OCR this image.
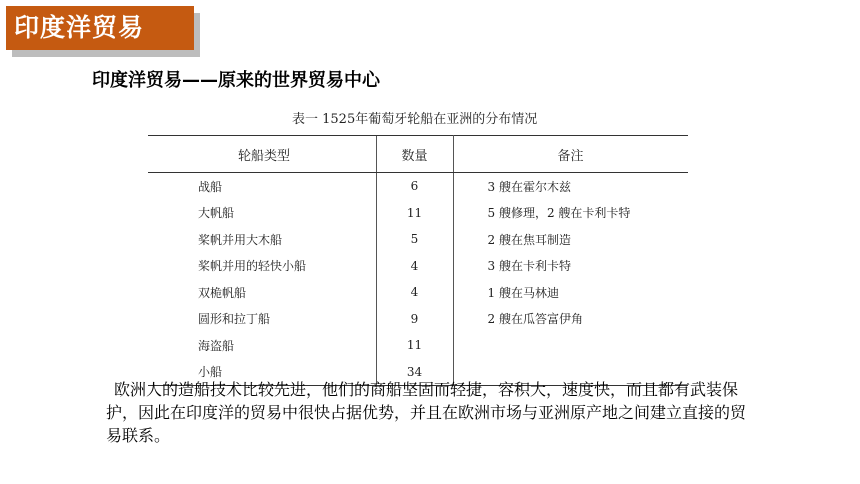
印度洋贸易
印度洋贸易——原来的世界贸易中心
表一 1525年葡萄牙轮船在亚洲的分布情况
轮船类型	数量	备注
战船	6	3 艘在霍尔木兹
大帆船	11	5 艘修理，2 艘在卡利卡特
桨帆并用大木船	5	2 艘在焦耳制造
桨帆并用的轻快小船	4	3 艘在卡利卡特
双桅帆船	4	1 艘在马林迪
圆形和拉丁船	9	2 艘在瓜答富伊角
海盗船	11	
小船	34	
欧洲人的造船技术比较先进，他们的商船坚固而轻捷，容积大，速度快，而且都有武装保护，因此在印度洋的贸易中很快占据优势，并且在欧洲市场与亚洲原产地之间建立直接的贸易联系。
